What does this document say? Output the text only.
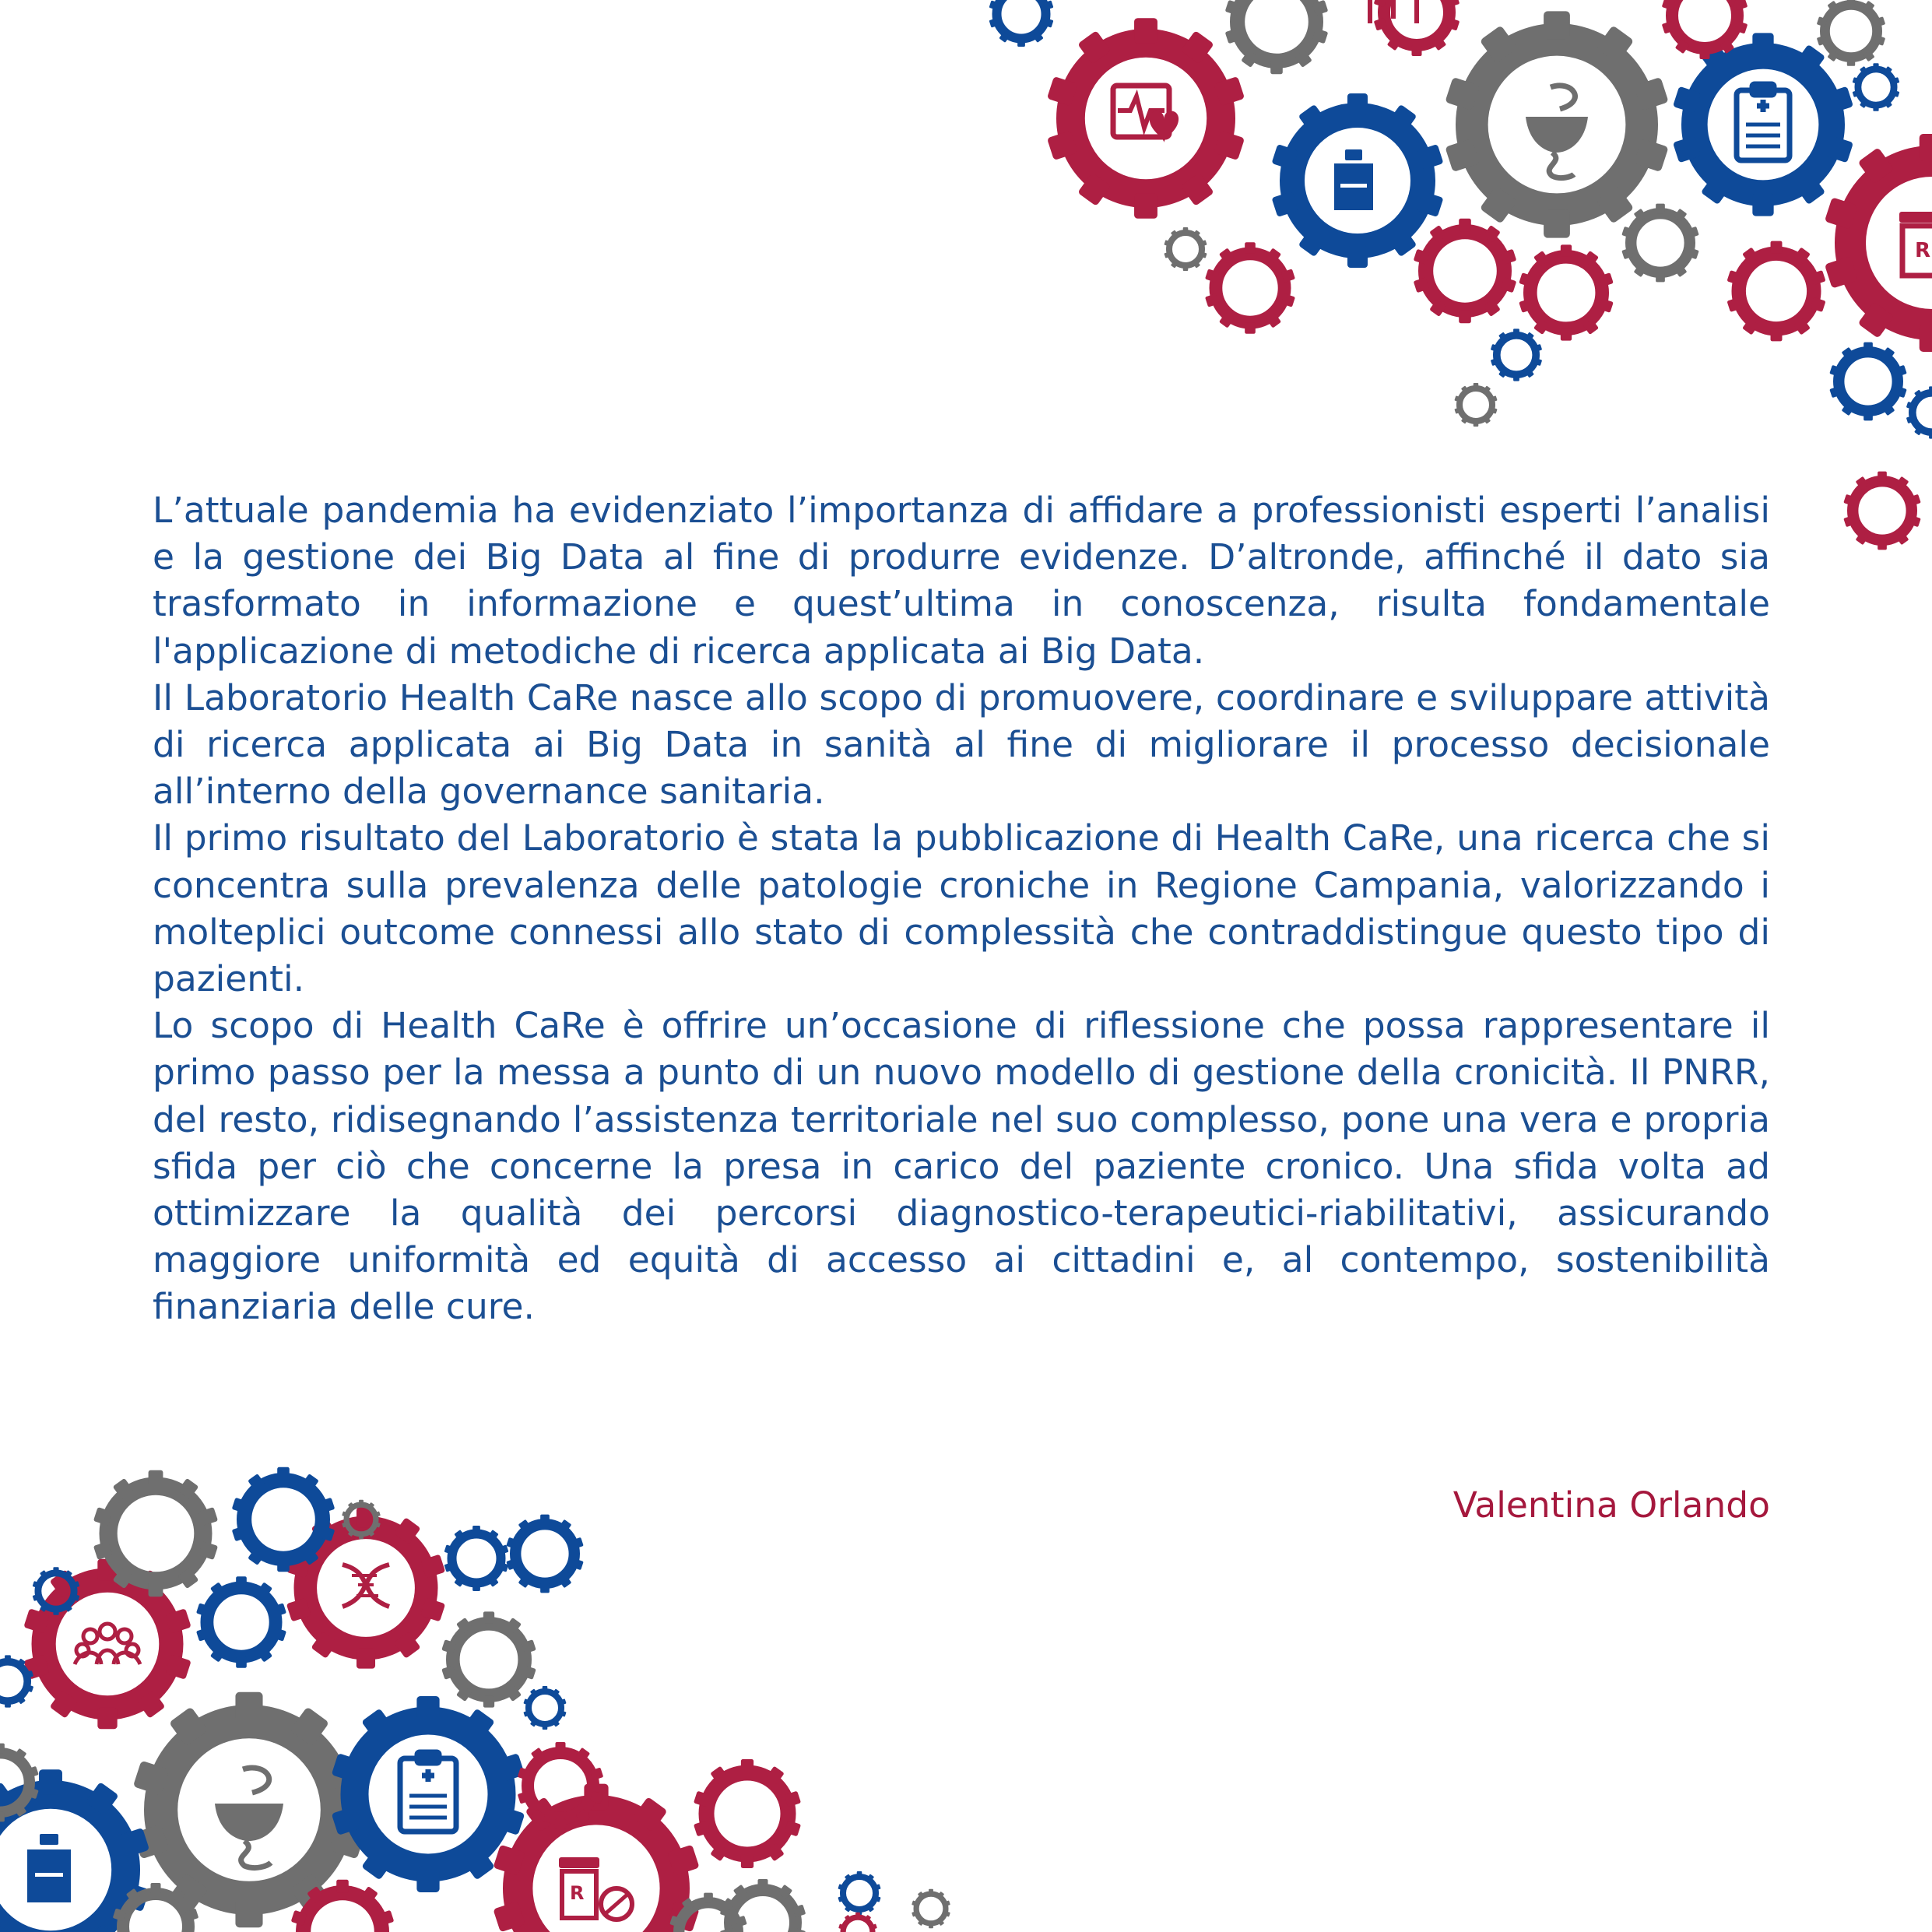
R
R

L’attuale pandemia ha evidenziato l’importanza di affidare a professionisti esperti l’analisi e la gestione dei Big Data al fine di produrre evidenze. D’altronde, affinché il dato sia trasformato in informazione e quest’ultima in conoscenza, risulta fondamentale l'applicazione di metodiche di ricerca applicata ai Big Data.

Il Laboratorio Health CaRe nasce allo scopo di promuovere, coordinare e sviluppare attività di ricerca applicata ai Big Data in sanità al fine di migliorare il processo decisionale all’interno della governance sanitaria.

Il primo risultato del Laboratorio è stata la pubblicazione di Health CaRe, una ricerca che si concentra sulla prevalenza delle patologie croniche in Regione Campania, valorizzando i molteplici outcome connessi allo stato di complessità che contraddistingue questo tipo di pazienti.

Lo scopo di Health CaRe è offrire un’occasione di riflessione che possa rappresentare il primo passo per la messa a punto di un nuovo modello di gestione della cronicità. Il PNRR, del resto, ridisegnando l’assistenza territoriale nel suo complesso, pone una vera e propria sfida per ciò che concerne la presa in carico del paziente cronico. Una sfida volta ad ottimizzare la qualità dei percorsi diagnostico-terapeutici-riabilitativi, assicurando maggiore uniformità ed equità di accesso ai cittadini e, al contempo, sostenibilità finanziaria delle cure.

Valentina Orlando
